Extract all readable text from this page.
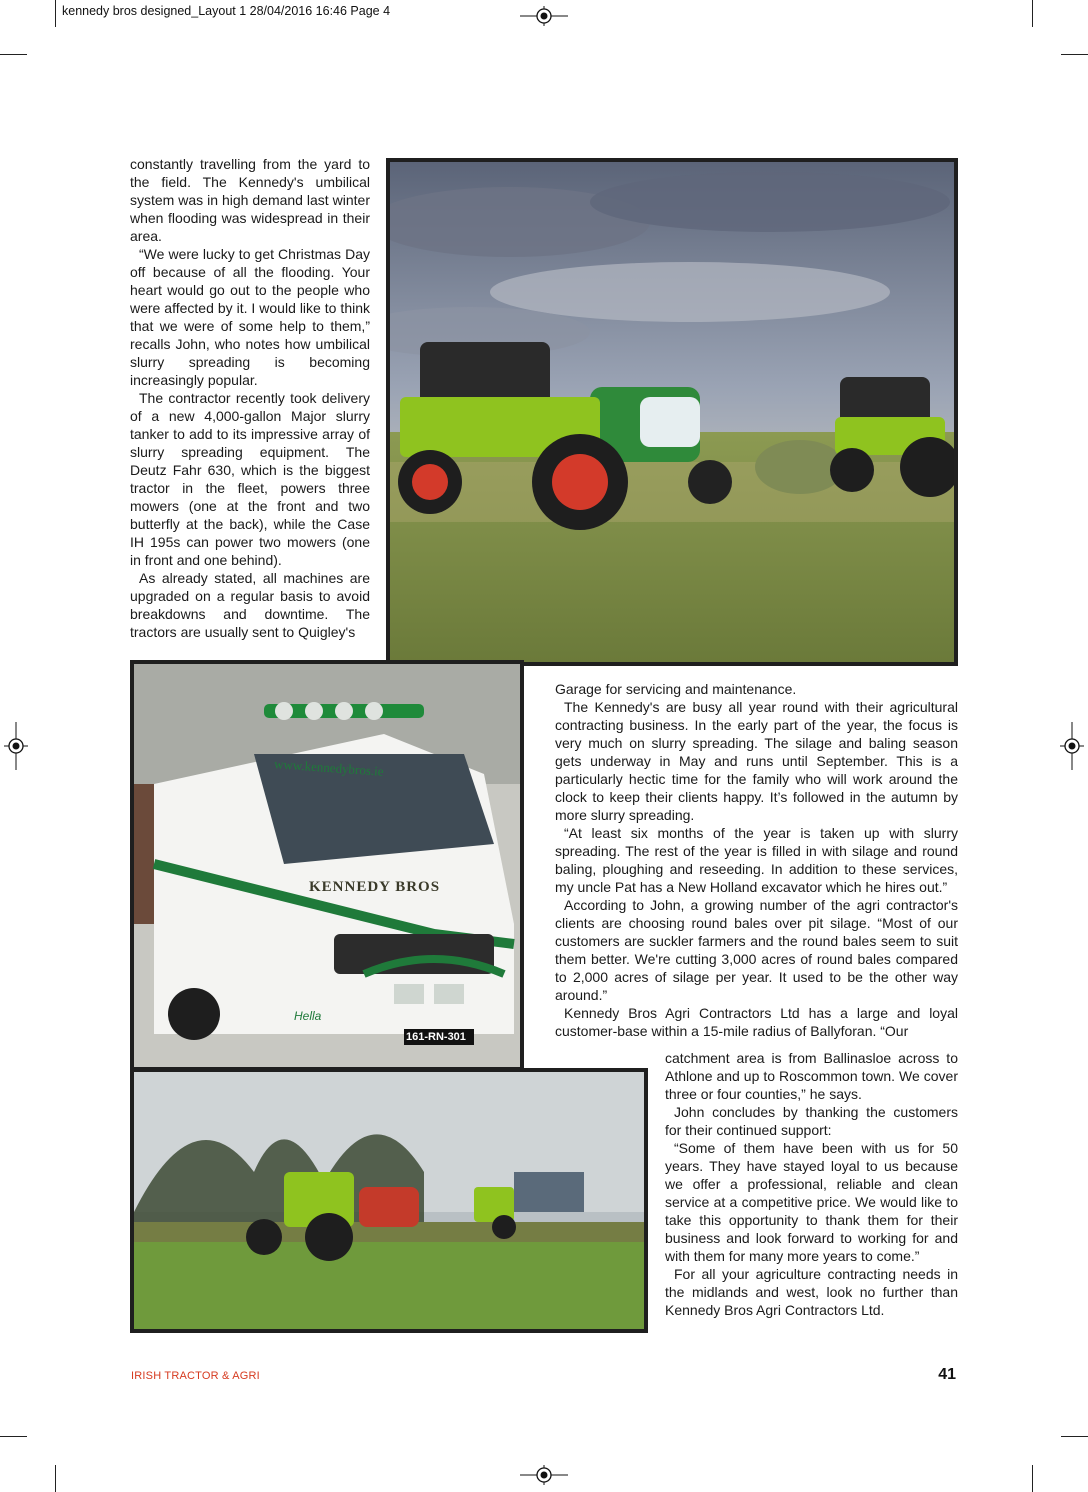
kennedy bros designed_Layout 1 28/04/2016 16:46 Page 4

constantly travelling from the yard to the field. The Kennedy's umbilical system was in high demand last winter when flooding was widespread in their area.

“We were lucky to get Christmas Day off because of all the flooding. Your heart would go out to the people who were affected by it. I would like to think that we were of some help to them,” recalls John, who notes how umbilical slurry spreading is becoming increasingly popular.

The contractor recently took delivery of a new 4,000-gallon Major slurry tanker to add to its impressive array of slurry spreading equipment. The Deutz Fahr 630, which is the biggest tractor in the fleet, powers three mowers (one at the front and two butterfly at the back), while the Case IH 195s can power two mowers (one in front and one behind).

As already stated, all machines are upgraded on a regular basis to avoid breakdowns and downtime. The tractors are usually sent to Quigley's

www.kennedybros.ie
KENNEDY BROS
Hella
161-RN-301

Garage for servicing and maintenance.

The Kennedy's are busy all year round with their agricultural contracting business. In the early part of the year, the focus is very much on slurry spreading. The silage and baling season gets underway in May and runs until September. This is a particularly hectic time for the family who will work around the clock to keep their clients happy. It’s followed in the autumn by more slurry spreading.

“At least six months of the year is taken up with slurry spreading. The rest of the year is filled in with silage and round baling, ploughing and reseeding. In addition to these services, my uncle Pat has a New Holland excavator which he hires out.”

According to John, a growing number of the agri contractor's clients are choosing round bales over pit silage. “Most of our customers are suckler farmers and the round bales seem to suit them better. We're cutting 3,000 acres of round bales compared to 2,000 acres of silage per year. It used to be the other way around.”

Kennedy Bros Agri Contractors Ltd has a large and loyal customer-base within a 15-mile radius of Ballyforan. “Our

catchment area is from Ballinasloe across to Athlone and up to Roscommon town. We cover three or four counties,” he says.

John concludes by thanking the customers for their continued support:

“Some of them have been with us for 50 years. They have stayed loyal to us because we offer a professional, reliable and clean service at a competitive price. We would like to take this opportunity to thank them for their business and look forward to working for and with them for many more years to come.”

For all your agriculture contracting needs in the midlands and west, look no further than Kennedy Bros Agri Contractors Ltd.

IRISH TRACTOR & AGRI	41
